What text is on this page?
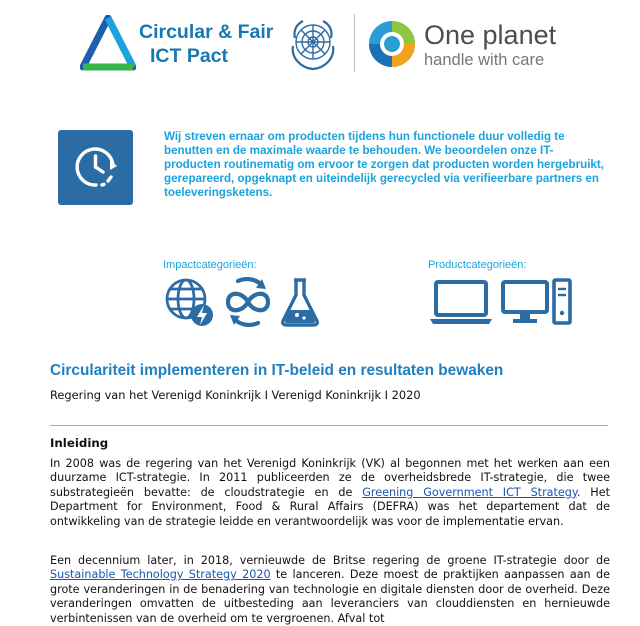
Circular & Fair
ICT Pact
One planet
handle with care
Wij streven ernaar om producten tijdens hun functionele duur volledig te benutten en de maximale waarde te behouden. We beoordelen onze IT-producten routinematig om ervoor te zorgen dat producten worden hergebruikt, gerepareerd, opgeknapt en uiteindelijk gerecycled via verifieerbare partners en toeleveringsketens.
Impactcategorieën:	Productcategorieën:
Circulariteit implementeren in IT-beleid en resultaten bewaken
Regering van het Verenigd Koninkrijk I Verenigd Koninkrijk I 2020
Inleiding
In 2008 was de regering van het Verenigd Koninkrijk (VK) al begonnen met het werken aan een duurzame ICT-strategie. In 2011 publiceerden ze de overheidsbrede IT-strategie, die twee substrategieën bevatte: de cloudstrategie en de Greening Government ICT Strategy. Het Department for Environment, Food & Rural Affairs (DEFRA) was het departement dat de ontwikkeling van de strategie leidde en verantwoordelijk was voor de implementatie ervan.
Een decennium later, in 2018, vernieuwde de Britse regering de groene IT-strategie door de Sustainable Technology Strategy 2020 te lanceren. Deze moest de praktijken aanpassen aan de grote veranderingen in de benadering van technologie en digitale diensten door de overheid. Deze veranderingen omvatten de uitbesteding aan leveranciers van clouddiensten en hernieuwde verbintenissen van de overheid om te vergroenen. Afval tot
